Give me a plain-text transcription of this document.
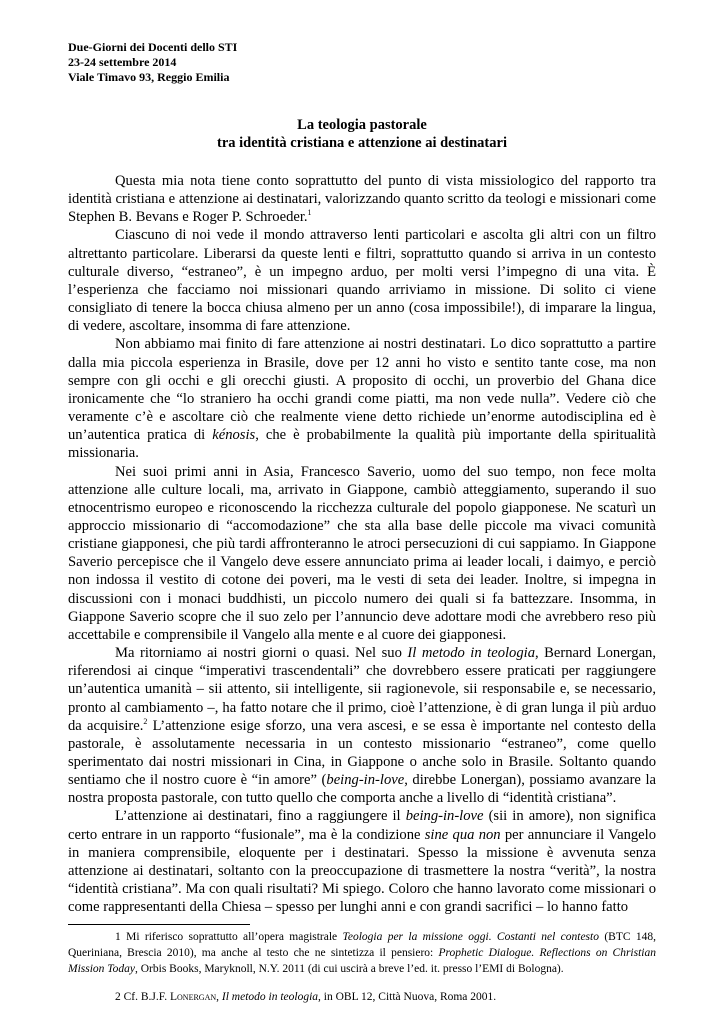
Due-Giorni dei Docenti dello STI
23-24 settembre 2014
Viale Timavo 93, Reggio Emilia
La teologia pastorale
tra identità cristiana e attenzione ai destinatari

Questa mia nota tiene conto soprattutto del punto di vista missiologico del rapporto tra identità cristiana e attenzione ai destinatari, valorizzando quanto scritto da teologi e missionari come Stephen B. Bevans e Roger P. Schroeder.$^1$

Ciascuno di noi vede il mondo attraverso lenti particolari e ascolta gli altri con un filtro altrettanto particolare. Liberarsi da queste lenti e filtri, soprattutto quando si arriva in un contesto culturale diverso, “estraneo”, è un impegno arduo, per molti versi l’impegno di una vita. È l’esperienza che facciamo noi missionari quando arriviamo in missione. Di solito ci viene consigliato di tenere la bocca chiusa almeno per un anno (cosa impossibile!), di imparare la lingua, di vedere, ascoltare, insomma di fare attenzione.

Non abbiamo mai finito di fare attenzione ai nostri destinatari. Lo dico soprattutto a partire dalla mia piccola esperienza in Brasile, dove per 12 anni ho visto e sentito tante cose, ma non sempre con gli occhi e gli orecchi giusti. A proposito di occhi, un proverbio del Ghana dice ironicamente che “lo straniero ha occhi grandi come piatti, ma non vede nulla”. Vedere ciò che veramente c’è e ascoltare ciò che realmente viene detto richiede un’enorme autodisciplina ed è un’autentica pratica di kénosis, che è probabilmente la qualità più importante della spiritualità missionaria.

Nei suoi primi anni in Asia, Francesco Saverio, uomo del suo tempo, non fece molta attenzione alle culture locali, ma, arrivato in Giappone, cambiò atteggiamento, superando il suo etnocentrismo europeo e riconoscendo la ricchezza culturale del popolo giapponese. Ne scaturì un approccio missionario di “accomodazione” che sta alla base delle piccole ma vivaci comunità cristiane giapponesi, che più tardi affronteranno le atroci persecuzioni di cui sappiamo. In Giappone Saverio percepisce che il Vangelo deve essere annunciato prima ai leader locali, i daimyo, e perciò non indossa il vestito di cotone dei poveri, ma le vesti di seta dei leader. Inoltre, si impegna in discussioni con i monaci buddhisti, un piccolo numero dei quali si fa battezzare. Insomma, in Giappone Saverio scopre che il suo zelo per l’annuncio deve adottare modi che avrebbero reso più accettabile e comprensibile il Vangelo alla mente e al cuore dei giapponesi.

Ma ritorniamo ai nostri giorni o quasi. Nel suo Il metodo in teologia, Bernard Lonergan, riferendosi ai cinque “imperativi trascendentali” che dovrebbero essere praticati per raggiungere un’autentica umanità – sii attento, sii intelligente, sii ragionevole, sii responsabile e, se necessario, pronto al cambiamento –, ha fatto notare che il primo, cioè l’attenzione, è di gran lunga il più arduo da acquisire.$^2$ L’attenzione esige sforzo, una vera ascesi, e se essa è importante nel contesto della pastorale, è assolutamente necessaria in un contesto missionario “estraneo”, come quello sperimentato dai nostri missionari in Cina, in Giappone o anche solo in Brasile. Soltanto quando sentiamo che il nostro cuore è “in amore” (being-in-love, direbbe Lonergan), possiamo avanzare la nostra proposta pastorale, con tutto quello che comporta anche a livello di “identità cristiana”.

L’attenzione ai destinatari, fino a raggiungere il being-in-love (sii in amore), non significa certo entrare in un rapporto “fusionale”, ma è la condizione sine qua non per annunciare il Vangelo in maniera comprensibile, eloquente per i destinatari. Spesso la missione è avvenuta senza attenzione ai destinatari, soltanto con la preoccupazione di trasmettere la nostra “verità”, la nostra “identità cristiana”. Ma con quali risultati? Mi spiego. Coloro che hanno lavorato come missionari o come rappresentanti della Chiesa – spesso per lunghi anni e con grandi sacrifici – lo hanno fatto

1 Mi riferisco soprattutto all’opera magistrale Teologia per la missione oggi. Costanti nel contesto (BTC 148, Queriniana, Brescia 2010), ma anche al testo che ne sintetizza il pensiero: Prophetic Dialogue. Reflections on Christian Mission Today, Orbis Books, Maryknoll, N.Y. 2011 (di cui uscirà a breve l’ed. it. presso l’EMI di Bologna).

2 Cf. B.J.F. Lonergan, Il metodo in teologia, in OBL 12, Città Nuova, Roma 2001.
